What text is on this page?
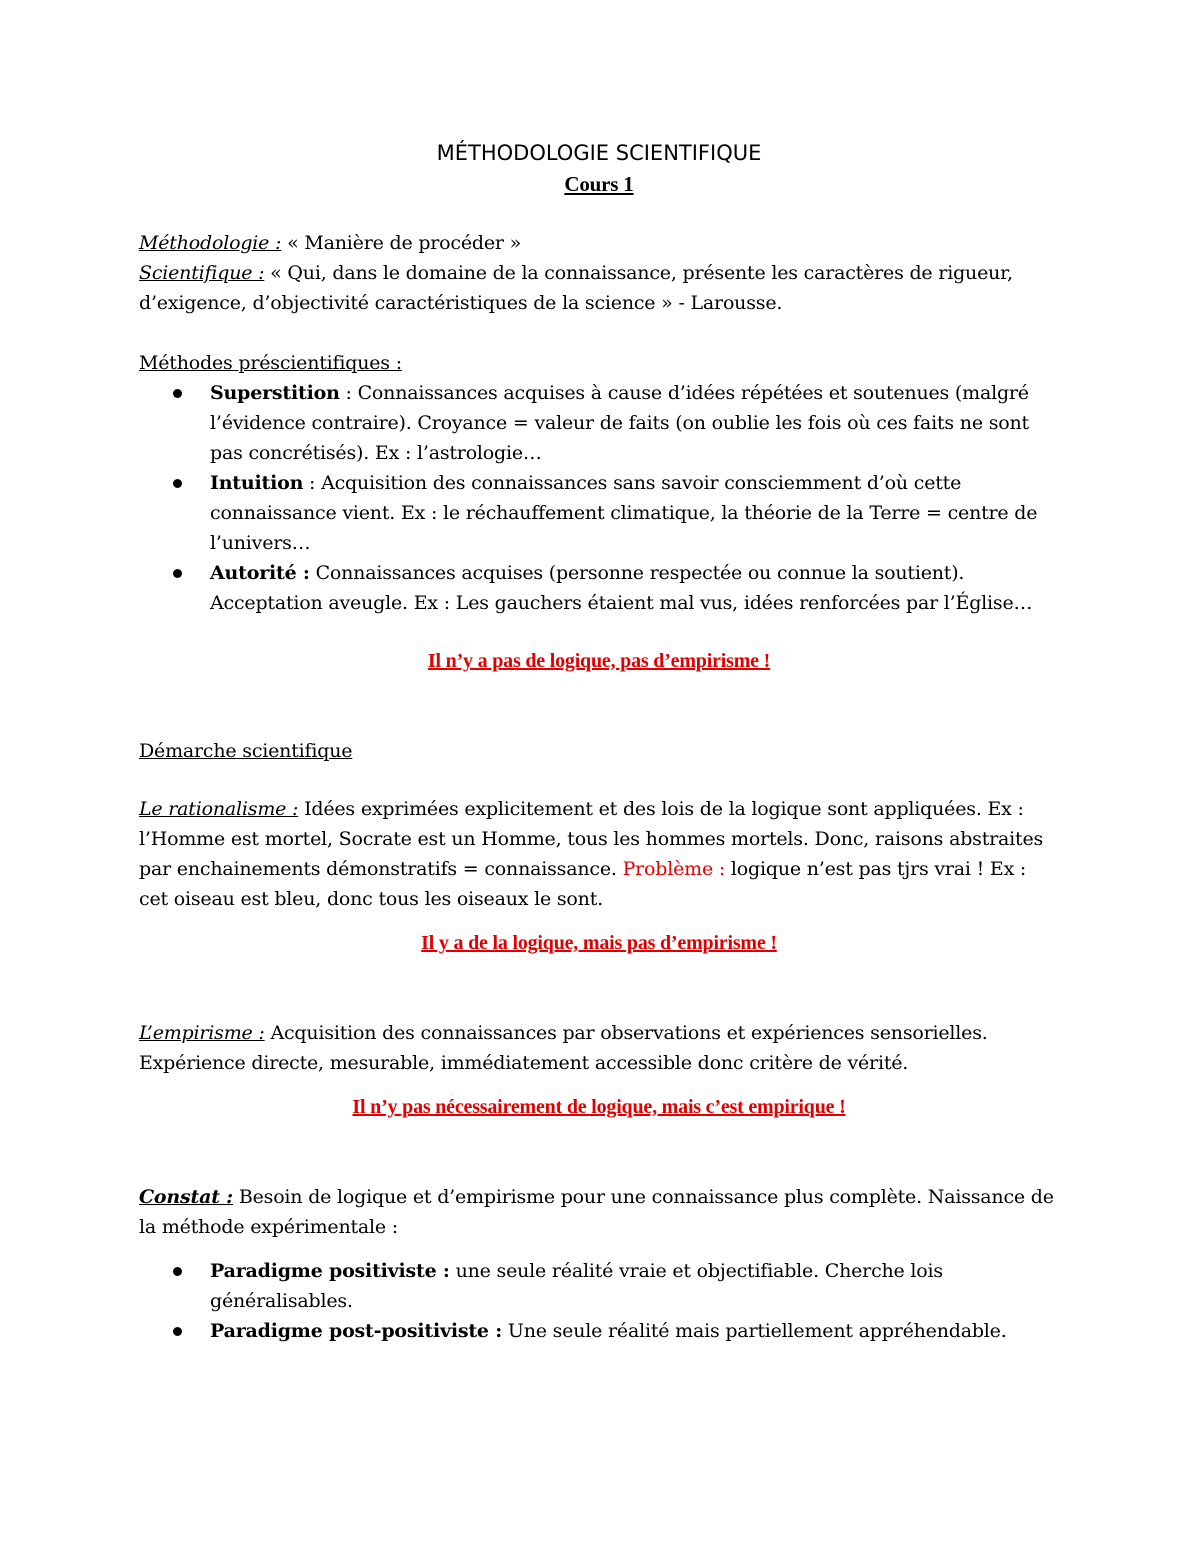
MÉTHODOLOGIE SCIENTIFIQUE
Cours 1

Méthodologie : « Manière de procéder »

Scientifique : « Qui, dans le domaine de la connaissance, présente les caractères de rigueur, d’exigence, d’objectivité caractéristiques de la science » - Larousse.

Méthodes préscientifiques :

Superstition : Connaissances acquises à cause d’idées répétées et soutenues (malgré l’évidence contraire). Croyance = valeur de faits (on oublie les fois où ces faits ne sont pas concrétisés). Ex : l’astrologie…
Intuition : Acquisition des connaissances sans savoir consciemment d’où cette connaissance vient. Ex : le réchauffement climatique, la théorie de la Terre = centre de l’univers…
Autorité : Connaissances acquises (personne respectée ou connue la soutient). Acceptation aveugle. Ex : Les gauchers étaient mal vus, idées renforcées par l’Église…

Il n’y a pas de logique, pas d’empirisme !

Démarche scientifique

Le rationalisme : Idées exprimées explicitement et des lois de la logique sont appliquées. Ex : l’Homme est mortel, Socrate est un Homme, tous les hommes mortels. Donc, raisons abstraites par enchainements démonstratifs = connaissance. Problème : logique n’est pas tjrs vrai ! Ex : cet oiseau est bleu, donc tous les oiseaux le sont.

Il y a de la logique, mais pas d’empirisme !

L’empirisme : Acquisition des connaissances par observations et expériences sensorielles. Expérience directe, mesurable, immédiatement accessible donc critère de vérité.

Il n’y pas nécessairement de logique, mais c’est empirique !

Constat : Besoin de logique et d’empirisme pour une connaissance plus complète. Naissance de la méthode expérimentale :

Paradigme positiviste : une seule réalité vraie et objectifiable. Cherche lois généralisables.
Paradigme post-positiviste : Une seule réalité mais partiellement appréhendable.
